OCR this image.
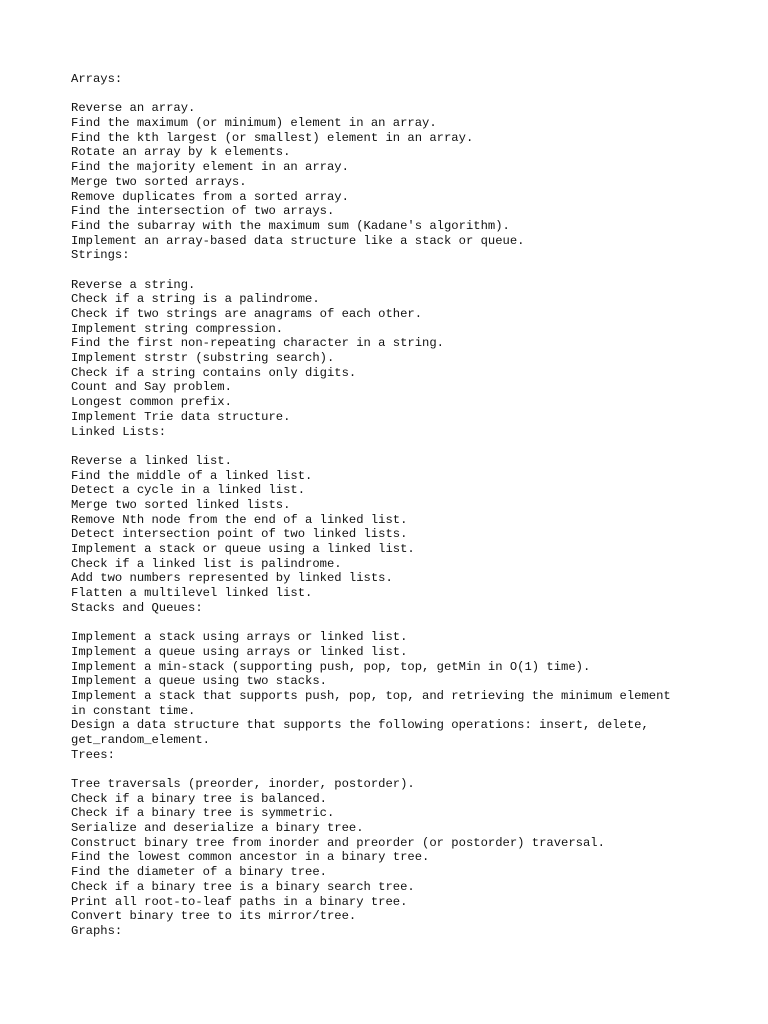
Arrays:
Reverse an array.
Find the maximum (or minimum) element in an array.
Find the kth largest (or smallest) element in an array.
Rotate an array by k elements.
Find the majority element in an array.
Merge two sorted arrays.
Remove duplicates from a sorted array.
Find the intersection of two arrays.
Find the subarray with the maximum sum (Kadane's algorithm).
Implement an array-based data structure like a stack or queue.
Strings:
Reverse a string.
Check if a string is a palindrome.
Check if two strings are anagrams of each other.
Implement string compression.
Find the first non-repeating character in a string.
Implement strstr (substring search).
Check if a string contains only digits.
Count and Say problem.
Longest common prefix.
Implement Trie data structure.
Linked Lists:
Reverse a linked list.
Find the middle of a linked list.
Detect a cycle in a linked list.
Merge two sorted linked lists.
Remove Nth node from the end of a linked list.
Detect intersection point of two linked lists.
Implement a stack or queue using a linked list.
Check if a linked list is palindrome.
Add two numbers represented by linked lists.
Flatten a multilevel linked list.
Stacks and Queues:
Implement a stack using arrays or linked list.
Implement a queue using arrays or linked list.
Implement a min-stack (supporting push, pop, top, getMin in O(1) time).
Implement a queue using two stacks.
Implement a stack that supports push, pop, top, and retrieving the minimum element
in constant time.
Design a data structure that supports the following operations: insert, delete,
get_random_element.
Trees:
Tree traversals (preorder, inorder, postorder).
Check if a binary tree is balanced.
Check if a binary tree is symmetric.
Serialize and deserialize a binary tree.
Construct binary tree from inorder and preorder (or postorder) traversal.
Find the lowest common ancestor in a binary tree.
Find the diameter of a binary tree.
Check if a binary tree is a binary search tree.
Print all root-to-leaf paths in a binary tree.
Convert binary tree to its mirror/tree.
Graphs:
